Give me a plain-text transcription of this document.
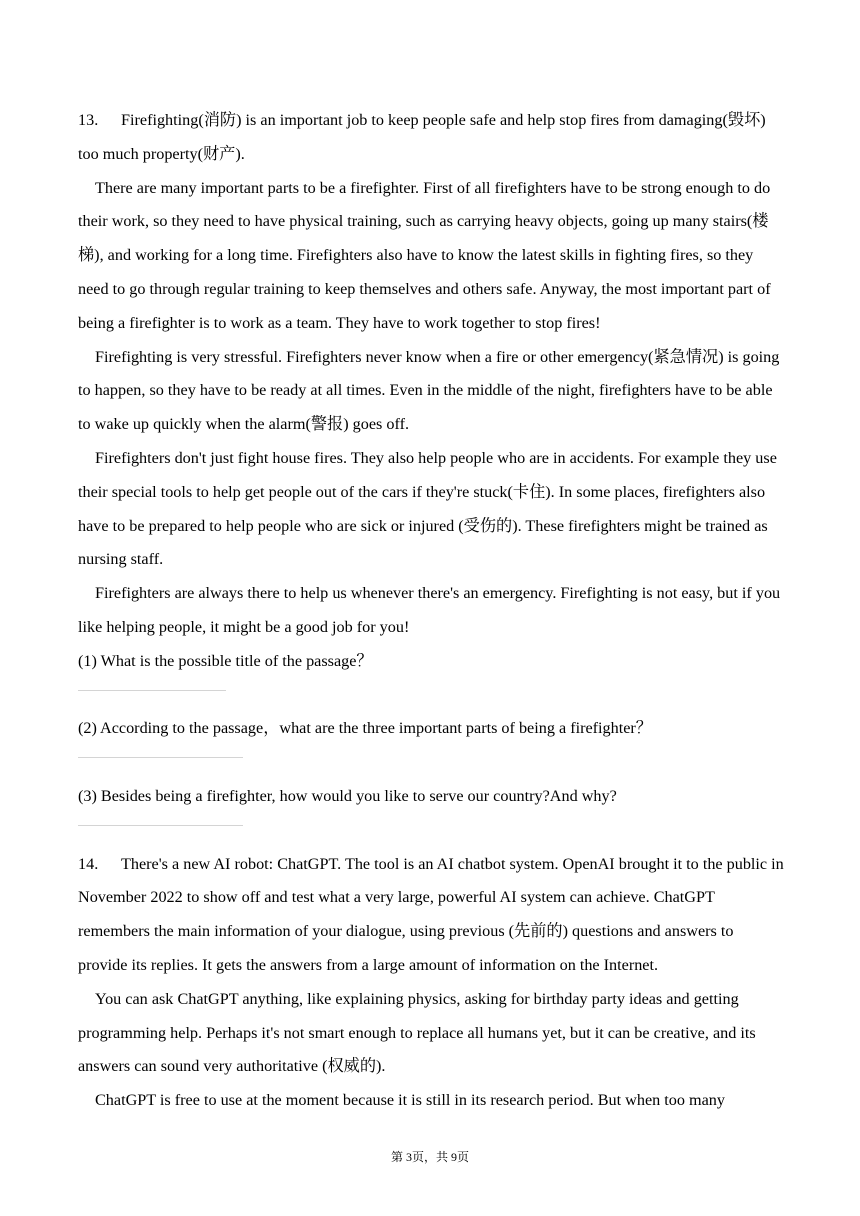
13. Firefighting(消防) is an important job to keep people safe and help stop fires from damaging(毁坏) too much property(财产).

There are many important parts to be a firefighter. First of all firefighters have to be strong enough to do their work, so they need to have physical training, such as carrying heavy objects, going up many stairs(楼梯), and working for a long time. Firefighters also have to know the latest skills in fighting fires, so they need to go through regular training to keep themselves and others safe. Anyway, the most important part of being a firefighter is to work as a team. They have to work together to stop fires!

Firefighting is very stressful. Firefighters never know when a fire or other emergency(紧急情况) is going to happen, so they have to be ready at all times. Even in the middle of the night, firefighters have to be able to wake up quickly when the alarm(警报) goes off.

Firefighters don't just fight house fires. They also help people who are in accidents. For example they use their special tools to help get people out of the cars if they're stuck(卡住). In some places, firefighters also have to be prepared to help people who are sick or injured (受伤的). These firefighters might be trained as nursing staff.

Firefighters are always there to help us whenever there's an emergency. Firefighting is not easy, but if you like helping people, it might be a good job for you!

(1) What is the possible title of the passage？

(2) According to the passage，what are the three important parts of being a firefighter？

(3) Besides being a firefighter, how would you like to serve our country?And why?

14. There's a new AI robot: ChatGPT. The tool is an AI chatbot system. OpenAI brought it to the public in November 2022 to show off and test what a very large, powerful AI system can achieve. ChatGPT remembers the main information of your dialogue, using previous (先前的) questions and answers to provide its replies. It gets the answers from a large amount of information on the Internet.

You can ask ChatGPT anything, like explaining physics, asking for birthday party ideas and getting programming help. Perhaps it's not smart enough to replace all humans yet, but it can be creative, and its answers can sound very authoritative (权威的).

ChatGPT is free to use at the moment because it is still in its research period. But when too many

第 3页，共 9页
